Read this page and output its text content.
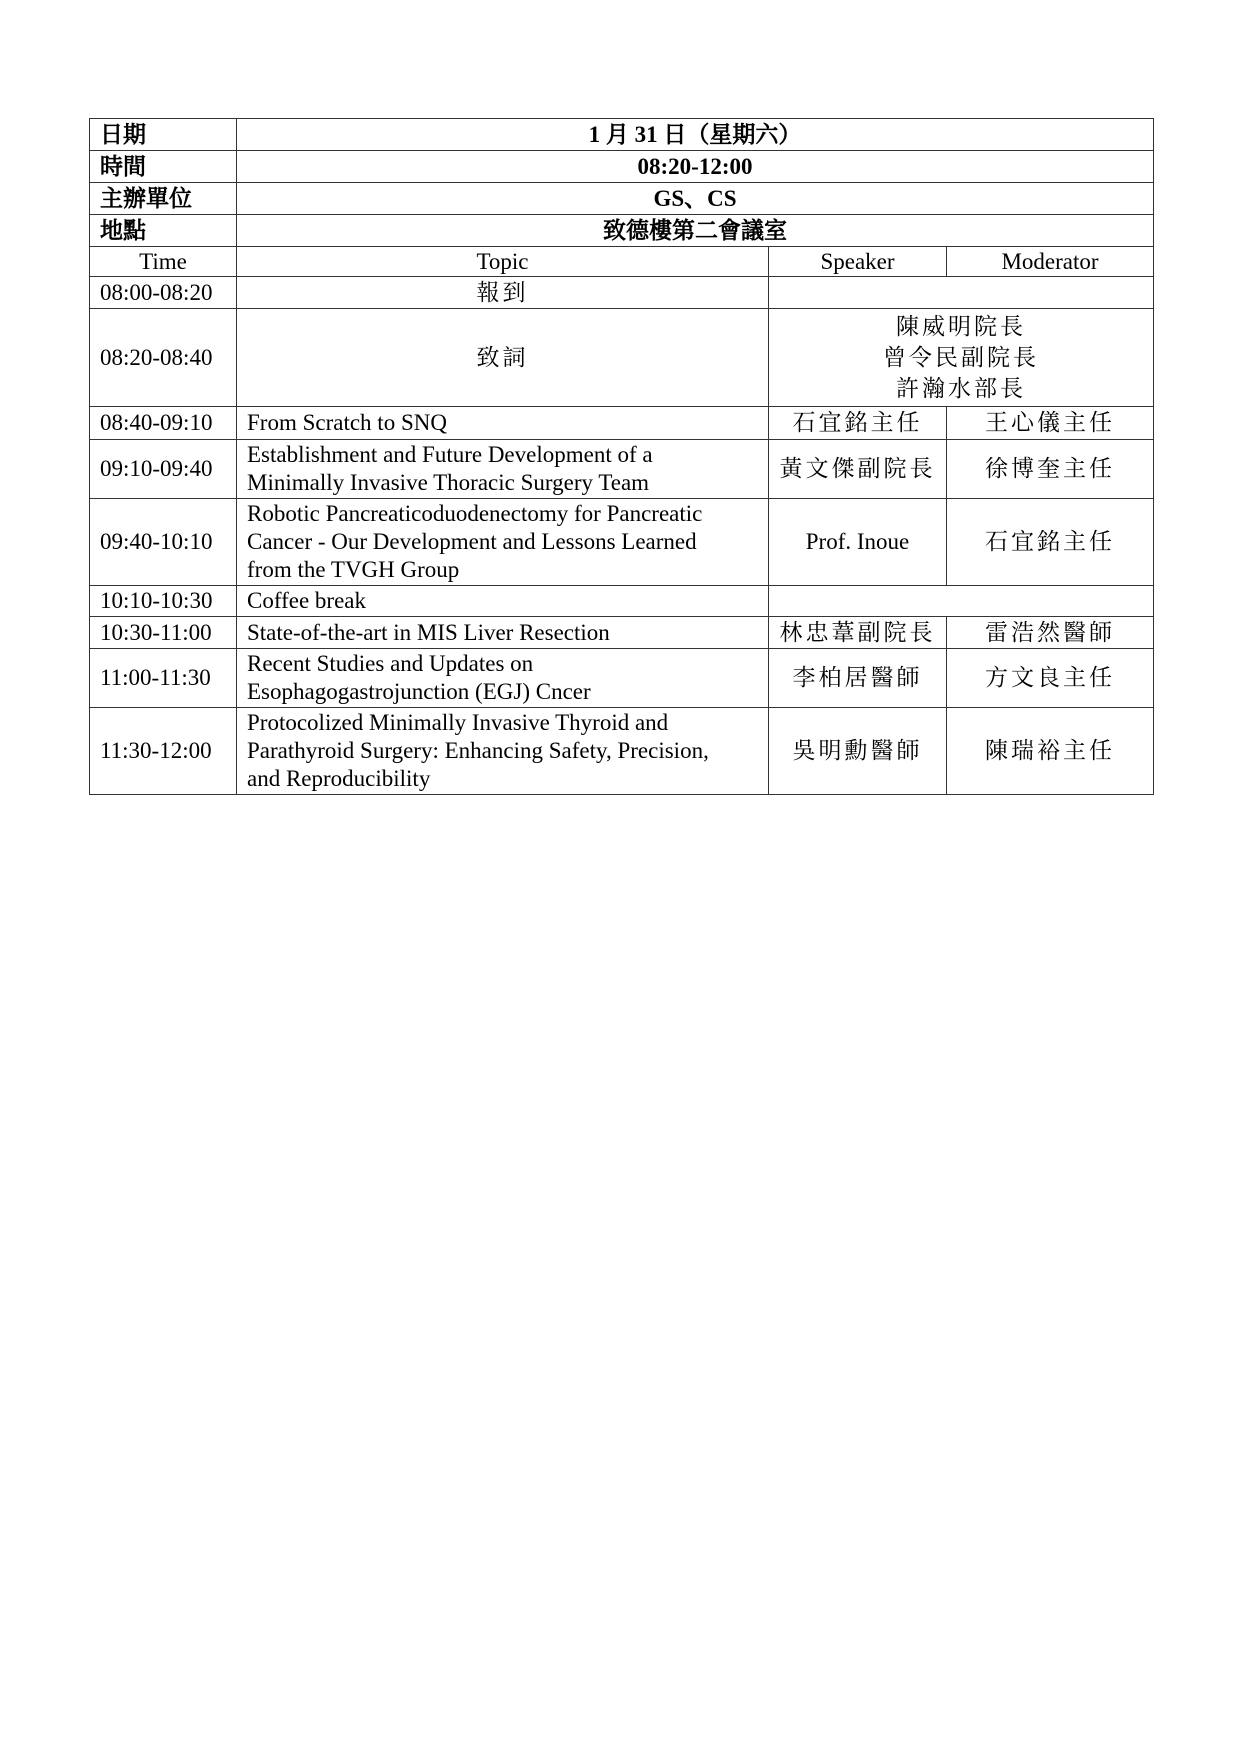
日期	1 月 31 日（星期六）		
時間	08:20-12:00		
主辦單位	GS、CS		
地點	致德樓第二會議室		
Time	Topic	Speaker	Moderator
08:00-08:20	報到		
08:20-08:40	致詞	陳威明院長
曾令民副院長
許瀚水部長	

08:40-09:10	From Scratch to SNQ	石宜銘主任	王心儀主任
09:10-09:40	Establishment and Future Development of a
Minimally Invasive Thoracic Surgery Team	黃文傑副院長	徐博奎主任
09:40-10:10	Robotic Pancreaticoduodenectomy for Pancreatic
Cancer - Our Development and Lessons Learned
from the TVGH Group	Prof. Inoue	石宜銘主任
10:10-10:30	Coffee break		
10:30-11:00	State-of-the-art in MIS Liver Resection	林忠葦副院長	雷浩然醫師
11:00-11:30	Recent Studies and Updates on
Esophagogastrojunction (EGJ) Cncer	李柏居醫師	方文良主任
11:30-12:00	Protocolized Minimally Invasive Thyroid and
Parathyroid Surgery: Enhancing Safety, Precision,
and Reproducibility	吳明勳醫師	陳瑞裕主任
